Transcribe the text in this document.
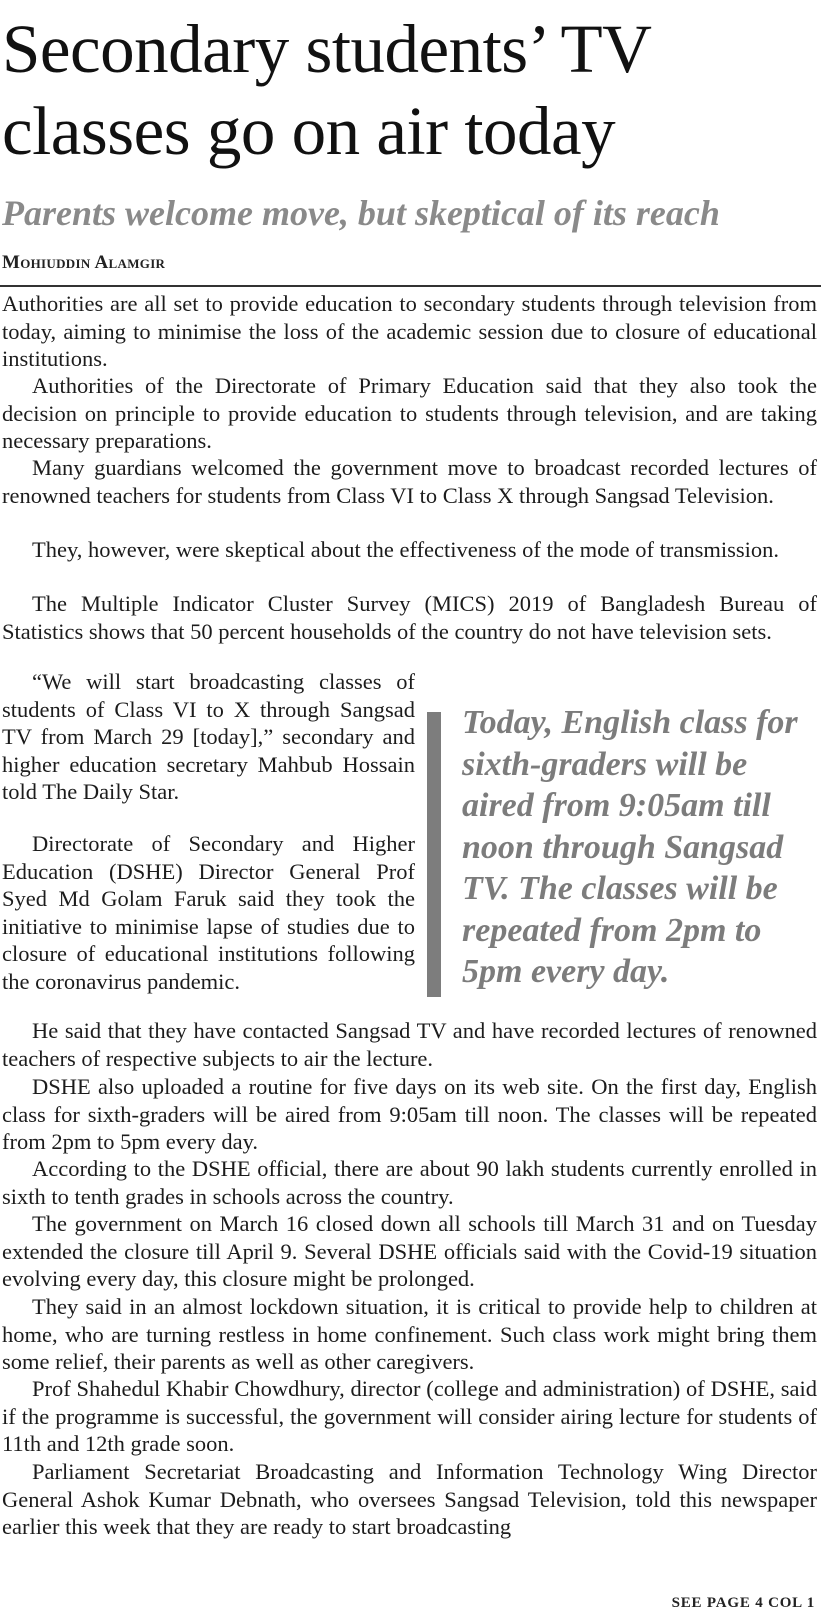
Secondary students’ TV classes go on air today
Parents welcome move, but skeptical of its reach
Mohiuddin Alamgir

Authorities are all set to provide education to secondary students through television from today, aiming to minimise the loss of the academic session due to closure of educational institutions.

Authorities of the Directorate of Primary Education said that they also took the decision on principle to provide education to students through television, and are taking necessary preparations.

Many guardians welcomed the government move to broadcast recorded lectures of renowned teachers for students from Class VI to Class X through Sangsad Television.

They, however, were skeptical about the effectiveness of the mode of transmission.

The Multiple Indicator Cluster Survey (MICS) 2019 of Bangladesh Bureau of Statistics shows that 50 percent households of the country do not have television sets.

“We will start broadcasting classes of students of Class VI to X through Sangsad TV from March 29 [today],” secondary and higher education secretary Mahbub Hossain told The Daily Star.

Directorate of Secondary and Higher Education (DSHE) Director General Prof Syed Md Golam Faruk said they took the initiative to minimise lapse of studies due to closure of educational institutions following the coronavirus pandemic.

Today, English class for sixth-graders will be aired from 9:05am till noon through Sangsad TV. The classes will be repeated from 2pm to 5pm every day.

He said that they have contacted Sangsad TV and have recorded lectures of renowned teachers of respective subjects to air the lecture.

DSHE also uploaded a routine for five days on its web site. On the first day, English class for sixth-graders will be aired from 9:05am till noon. The classes will be repeated from 2pm to 5pm every day.

According to the DSHE official, there are about 90 lakh students currently enrolled in sixth to tenth grades in schools across the country.

The government on March 16 closed down all schools till March 31 and on Tuesday extended the closure till April 9. Several DSHE officials said with the Covid-19 situation evolving every day, this closure might be prolonged.

They said in an almost lockdown situation, it is critical to provide help to children at home, who are turning restless in home confinement. Such class work might bring them some relief, their parents as well as other caregivers.

Prof Shahedul Khabir Chowdhury, director (college and administration) of DSHE, said if the programme is successful, the government will consider airing lecture for students of 11th and 12th grade soon.

Parliament Secretariat Broadcasting and Information Technology Wing Director General Ashok Kumar Debnath, who oversees Sangsad Television, told this newspaper earlier this week that they are ready to start broadcasting

SEE PAGE 4 COL 1
